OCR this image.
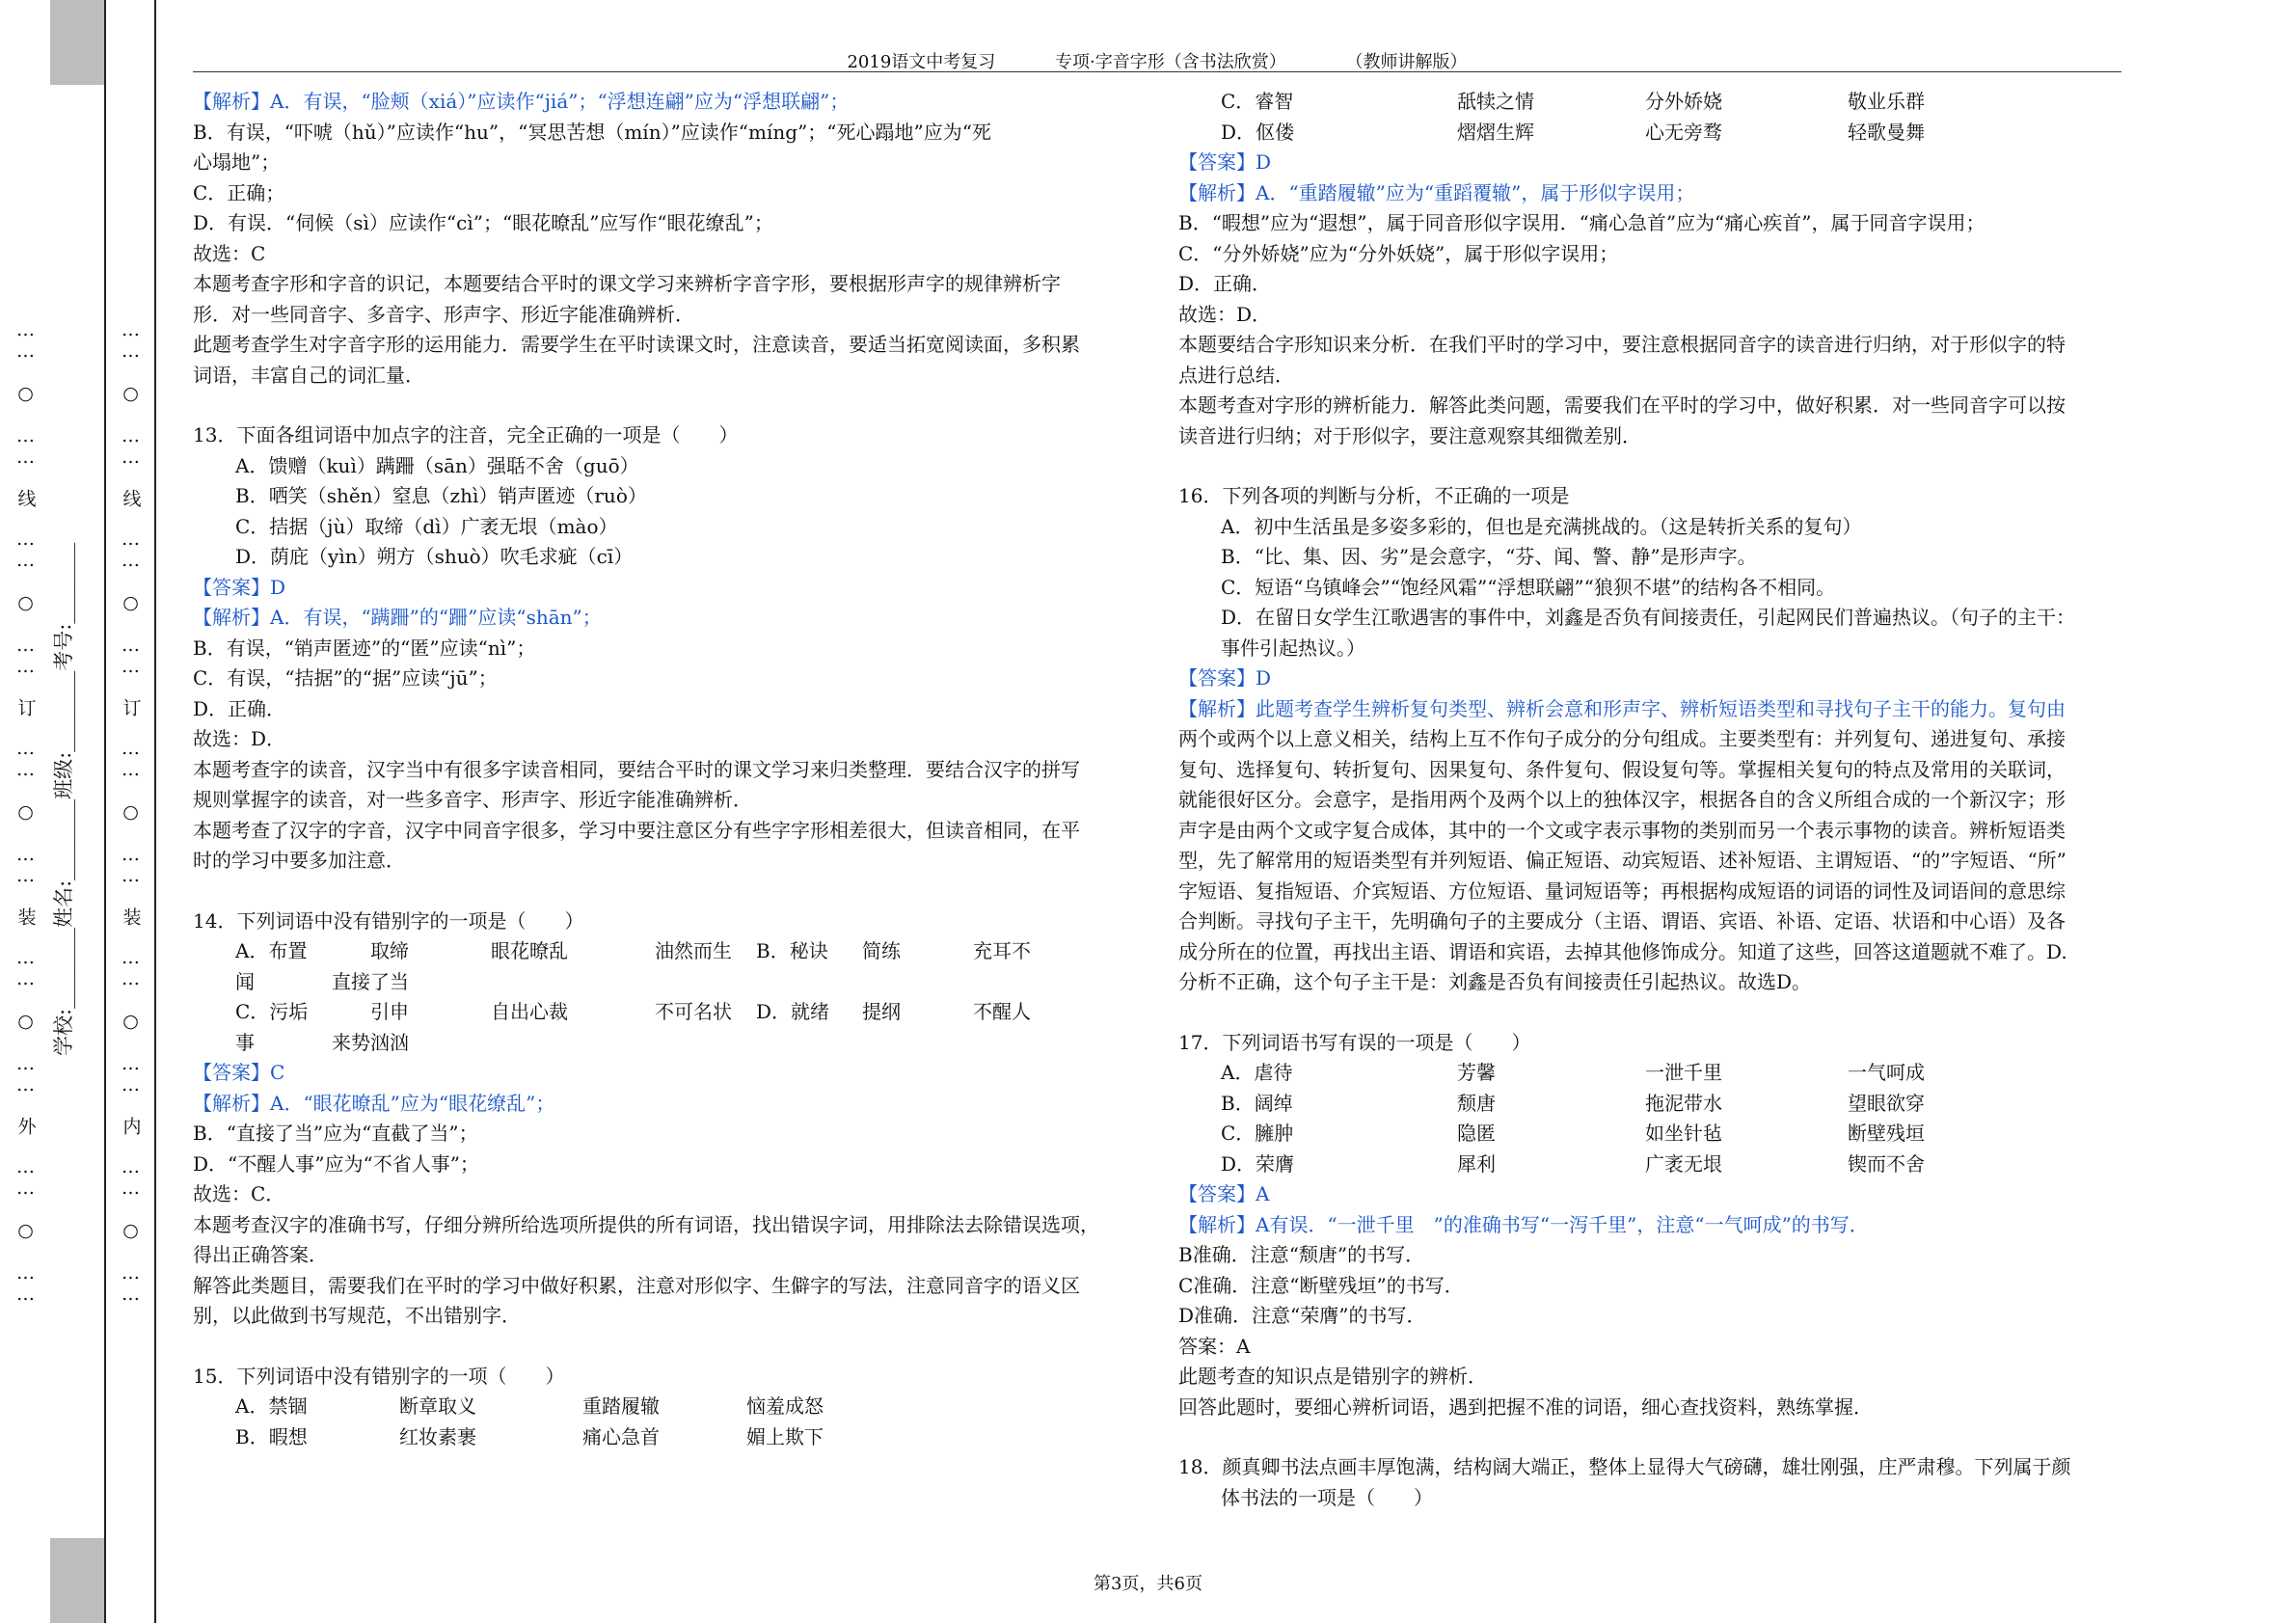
…… ○ …… 线 …… ○ …… 订 …… ○ …… 装 …… ○ …… 外 …… ○ ……	…… ○ …… 线 …… ○ …… 订 …… ○ …… 装 …… ○ …… 内 …… ○ ……
学校:________姓名:________班级:________考号:________
2019语文中考复习	专项·字音字形（含书法欣赏）	（教师讲解版）

【解析】A．有误，“脸颊（xiá）”应读作“jiá”；“浮想连翩”应为“浮想联翩”；

B．有误，“吓唬（hǔ）”应读作“hu”，“冥思苦想（mín）”应读作“míng”；“死心蹋地”应为“死

心塌地”；

C．正确；

D．有误．“伺候（sì）应读作“cì”；“眼花暸乱”应写作“眼花缭乱”；

故选：C

本题考查字形和字音的识记，本题要结合平时的课文学习来辨析字音字形，要根据形声字的规律辨析字

形．对一些同音字、多音字、形声字、形近字能准确辨析．

此题考查学生对字音字形的运用能力．需要学生在平时读课文时，注意读音，要适当拓宽阅读面，多积累

词语，丰富自己的词汇量．

13．下面各组词语中加点字的注音，完全正确的一项是（　　）

A．馈赠（kuì）蹒跚（sān）强聒不舍（guō）

B．哂笑（shěn）窒息（zhì）销声匿迹（ruò）

C．拮据（jù）取缔（dì）广袤无垠（mào）

D．荫庇（yìn）朔方（shuò）吹毛求疵（cī）

【答案】D

【解析】A．有误，“蹒跚”的“跚”应读“shān”；

B．有误，“销声匿迹”的“匿”应读“nì”；

C．有误，“拮据”的“据”应读“jū”；

D．正确．

故选：D．

本题考查字的读音，汉字当中有很多字读音相同，要结合平时的课文学习来归类整理．要结合汉字的拼写

规则掌握字的读音，对一些多音字、形声字、形近字能准确辨析．

本题考查了汉字的字音，汉字中同音字很多，学习中要注意区分有些字字形相差很大，但读音相同，在平

时的学习中要多加注意．

14．下列词语中没有错别字的一项是（　　）

A．布置	取缔	眼花暸乱	油然而生	B．秘诀	简练	充耳不

闻　　　　直接了当

C．污垢	引申	自出心裁	不可名状	D．就绪	提纲	不醒人

事　　　　来势汹汹

【答案】C

【解析】A．“眼花暸乱”应为“眼花缭乱”；

B．“直接了当”应为“直截了当”；

D．“不醒人事”应为“不省人事”；

故选：C．

本题考查汉字的准确书写，仔细分辨所给选项所提供的所有词语，找出错误字词，用排除法去除错误选项，

得出正确答案．

解答此类题目，需要我们在平时的学习中做好积累，注意对形似字、生僻字的写法，注意同音字的语义区

别，以此做到书写规范，不出错别字．

15．下列词语中没有错别字的一项（　　）

A．禁锢	断章取义	重踏履辙	恼羞成怒
B．暇想	红妆素裹	痛心急首	媚上欺下
C．睿智	舐犊之情	分外娇娆	敬业乐群
D．伛偻	熠熠生辉	心无旁骛	轻歌曼舞

【答案】D

【解析】A．“重踏履辙”应为“重蹈覆辙”，属于形似字误用；

B．“暇想”应为“遐想”，属于同音形似字误用．“痛心急首”应为“痛心疾首”，属于同音字误用；

C．“分外娇娆”应为“分外妖娆”，属于形似字误用；

D．正确．

故选：D．

本题要结合字形知识来分析．在我们平时的学习中，要注意根据同音字的读音进行归纳，对于形似字的特

点进行总结．

本题考查对字形的辨析能力．解答此类问题，需要我们在平时的学习中，做好积累．对一些同音字可以按

读音进行归纳；对于形似字，要注意观察其细微差别．

16．下列各项的判断与分析，不正确的一项是

A．初中生活虽是多姿多彩的，但也是充满挑战的。（这是转折关系的复句）

B．“比、集、因、劣”是会意字，“芬、闻、警、静”是形声字。

C．短语“乌镇峰会”“饱经风霜”“浮想联翩”“狼狈不堪”的结构各不相同。

D．在留日女学生江歌遇害的事件中，刘鑫是否负有间接责任，引起网民们普遍热议。（句子的主干：

事件引起热议。）

【答案】D

【解析】此题考查学生辨析复句类型、辨析会意和形声字、辨析短语类型和寻找句子主干的能力。复句由

两个或两个以上意义相关，结构上互不作句子成分的分句组成。主要类型有：并列复句、递进复句、承接

复句、选择复句、转折复句、因果复句、条件复句、假设复句等。掌握相关复句的特点及常用的关联词，

就能很好区分。会意字，是指用两个及两个以上的独体汉字，根据各自的含义所组合成的一个新汉字；形

声字是由两个文或字复合成体，其中的一个文或字表示事物的类别而另一个表示事物的读音。辨析短语类

型，先了解常用的短语类型有并列短语、偏正短语、动宾短语、述补短语、主谓短语、“的”字短语、“所”

字短语、复指短语、介宾短语、方位短语、量词短语等；再根据构成短语的词语的词性及词语间的意思综

合判断。寻找句子主干，先明确句子的主要成分（主语、谓语、宾语、补语、定语、状语和中心语）及各

成分所在的位置，再找出主语、谓语和宾语，去掉其他修饰成分。知道了这些，回答这道题就不难了。D.

分析不正确，这个句子主干是：刘鑫是否负有间接责任引起热议。故选D。

17．下列词语书写有误的一项是（　　）

A．虐待	芳馨	一泄千里	一气呵成
B．阔绰	颓唐	拖泥带水	望眼欲穿
C．臃肿	隐匿	如坐针毡	断壁残垣
D．荣膺	犀利	广袤无垠	锲而不舍

【答案】A

【解析】A有误．“一泄千里　”的准确书写“一泻千里”，注意“一气呵成”的书写．

B准确．注意“颓唐”的书写．

C准确．注意“断壁残垣”的书写．

D准确．注意“荣膺”的书写．

答案：A

此题考查的知识点是错别字的辨析．

回答此题时，要细心辨析词语，遇到把握不准的词语，细心查找资料，熟练掌握．

18．颜真卿书法点画丰厚饱满，结构阔大端正，整体上显得大气磅礴，雄壮刚强，庄严肃穆。下列属于颜

体书法的一项是（　　）

第3页，共6页
